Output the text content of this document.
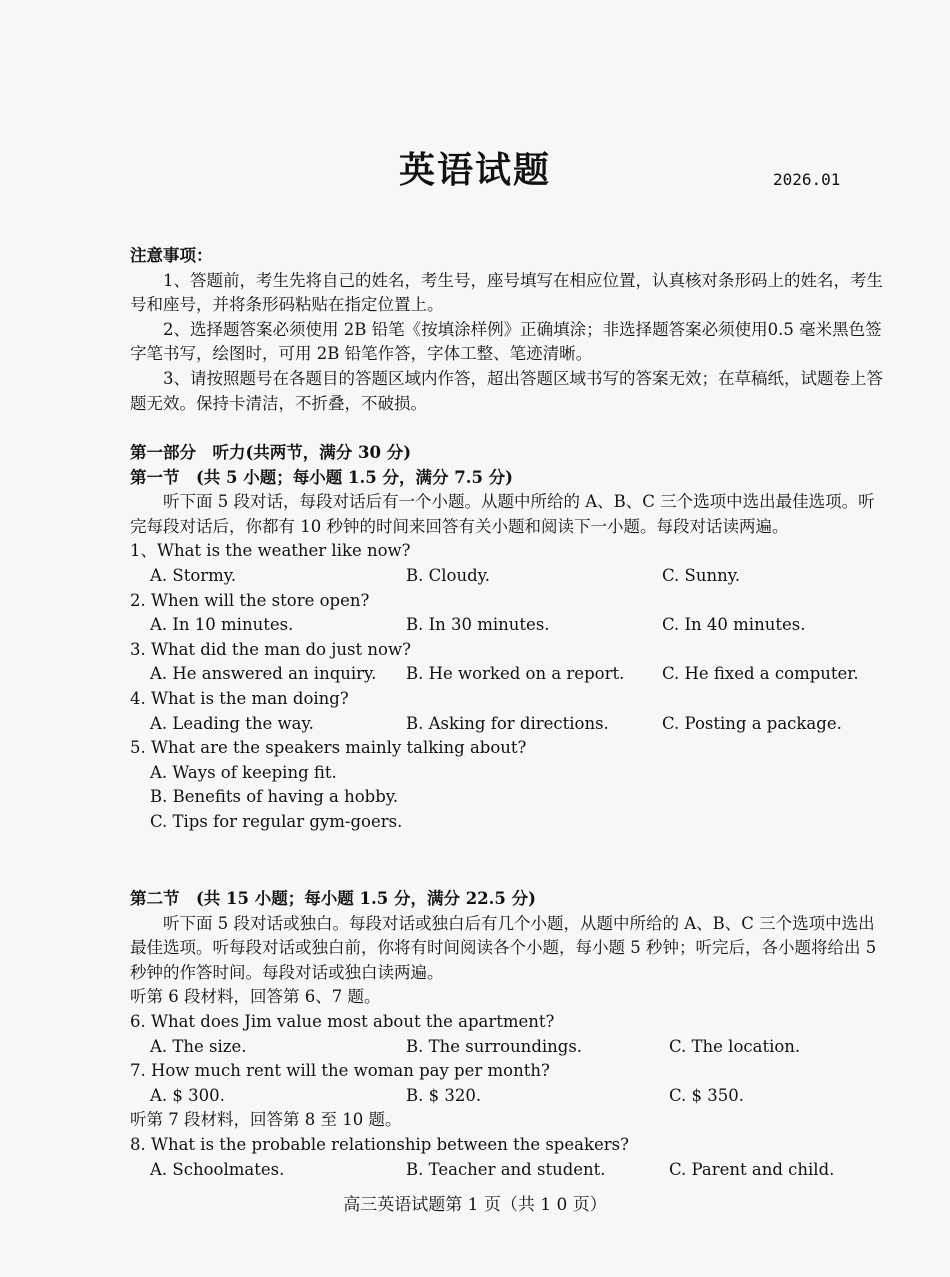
英语试题	2026.01

注意事项：

1、答题前，考生先将自己的姓名，考生号，座号填写在相应位置，认真核对条形码上的姓名，考生号和座号，并将条形码粘贴在指定位置上。

2、选择题答案必须使用 2B 铅笔《按填涂样例》正确填涂；非选择题答案必须使用0.5 毫米黑色签字笔书写，绘图时，可用 2B 铅笔作答，字体工整、笔迹清晰。

3、请按照题号在各题目的答题区域内作答，超出答题区域书写的答案无效；在草稿纸，试题卷上答题无效。保持卡清洁，不折叠，不破损。

第一部分　听力(共两节，满分 30 分)

第一节　(共 5 小题；每小题 1.5 分，满分 7.5 分)

听下面 5 段对话，每段对话后有一个小题。从题中所给的 A、B、C 三个选项中选出最佳选项。听完每段对话后，你都有 10 秒钟的时间来回答有关小题和阅读下一小题。每段对话读两遍。

1、What is the weather like now?

A. Stormy.	B. Cloudy.	C. Sunny.

2. When will the store open?

A. In 10 minutes.	B. In 30 minutes.	C. In 40 minutes.

3. What did the man do just now?

A. He answered an inquiry.	B. He worked on a report.	C. He fixed a computer.

4. What is the man doing?

A. Leading the way.	B. Asking for directions.	C. Posting a package.

5. What are the speakers mainly talking about?

A. Ways of keeping fit.

B. Benefits of having a hobby.

C. Tips for regular gym-goers.

第二节　(共 15 小题；每小题 1.5 分，满分 22.5 分)

听下面 5 段对话或独白。每段对话或独白后有几个小题，从题中所给的 A、B、C 三个选项中选出最佳选项。听每段对话或独白前，你将有时间阅读各个小题，每小题 5 秒钟；听完后，各小题将给出 5 秒钟的作答时间。每段对话或独白读两遍。

听第 6 段材料，回答第 6、7 题。

6. What does Jim value most about the apartment?

A. The size.	B. The surroundings.	C. The location.

7. How much rent will the woman pay per month?

A. $ 300.	B. $ 320.	C. $ 350.

听第 7 段材料，回答第 8 至 10 题。

8. What is the probable relationship between the speakers?

A. Schoolmates.	B. Teacher and student.	C. Parent and child.
高三英语试题第 1 页（共 1 0 页）
